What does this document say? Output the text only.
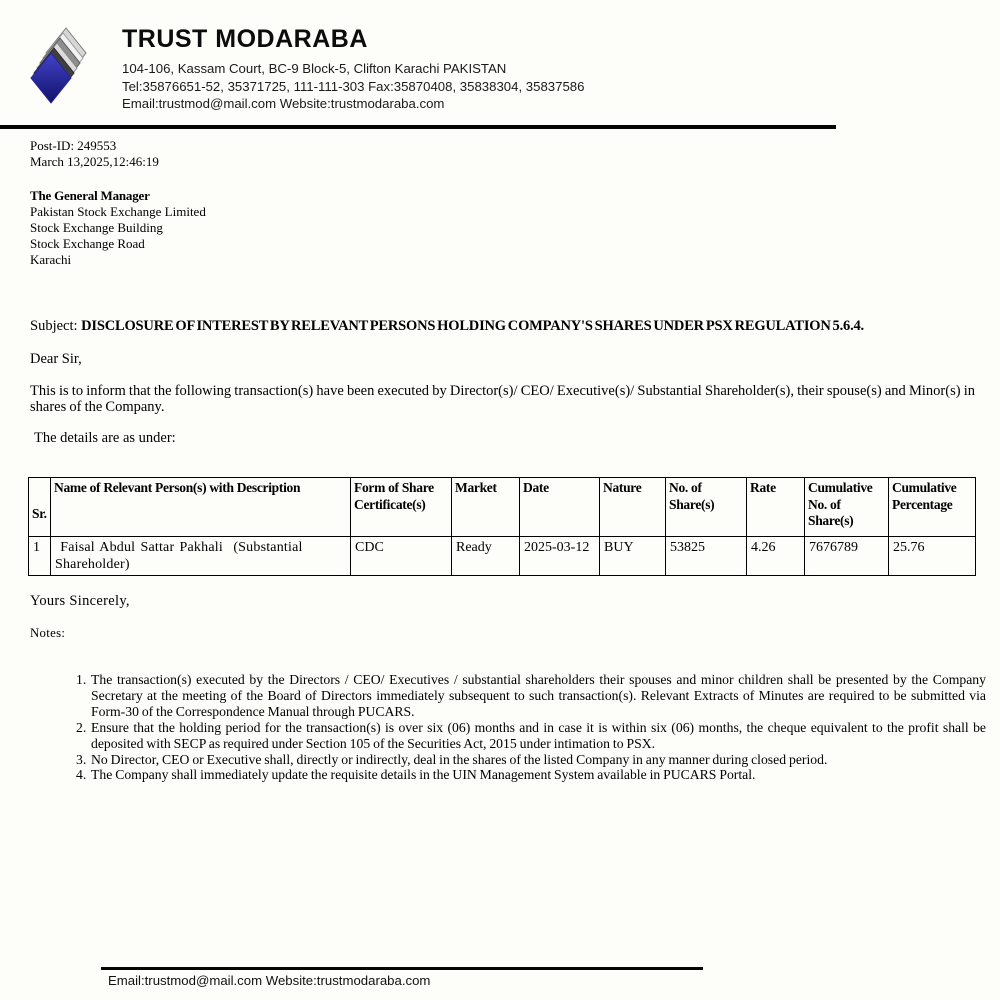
TRUST MODARABA
104-106, Kassam Court, BC-9 Block-5, Clifton Karachi PAKISTAN
Tel:35876651-52, 35371725, 111-111-303 Fax:35870408, 35838304, 35837586
Email:trustmod@mail.com Website:trustmodaraba.com
Post-ID: 249553
March 13,2025,12:46:19
The General Manager
Pakistan Stock Exchange Limited
Stock Exchange Building
Stock Exchange Road
Karachi
Subject: DISCLOSURE OF INTEREST BY RELEVANT PERSONS HOLDING COMPANY'S SHARES UNDER PSX REGULATION 5.6.4.
Dear Sir,
This is to inform that the following transaction(s) have been executed by Director(s)/ CEO/ Executive(s)/ Substantial Shareholder(s), their spouse(s) and Minor(s) in shares of the Company.
The details are as under:
Sr.	Name of Relevant Person(s) with Description	Form of Share Certificate(s)	Market	Date	Nature	No. of Share(s)	Rate	Cumulative No. of Share(s)	Cumulative Percentage
1	Faisal Abdul Sattar Pakhali  (Substantial Shareholder)	CDC	Ready	2025-03-12	BUY	53825	4.26	7676789	25.76
Yours Sincerely,
Notes:
1. The transaction(s) executed by the Directors / CEO/ Executives / substantial shareholders their spouses and minor children shall be presented by the Company Secretary at the meeting of the Board of Directors immediately subsequent to such transaction(s). Relevant Extracts of Minutes are required to be submitted via Form-30 of the Correspondence Manual through PUCARS.
2. Ensure that the holding period for the transaction(s) is over six (06) months and in case it is within six (06) months, the cheque equivalent to the profit shall be deposited with SECP as required under Section 105 of the Securities Act, 2015 under intimation to PSX.
3. No Director, CEO or Executive shall, directly or indirectly, deal in the shares of the listed Company in any manner during closed period.
4. The Company shall immediately update the requisite details in the UIN Management System available in PUCARS Portal.
Email:trustmod@mail.com Website:trustmodaraba.com
